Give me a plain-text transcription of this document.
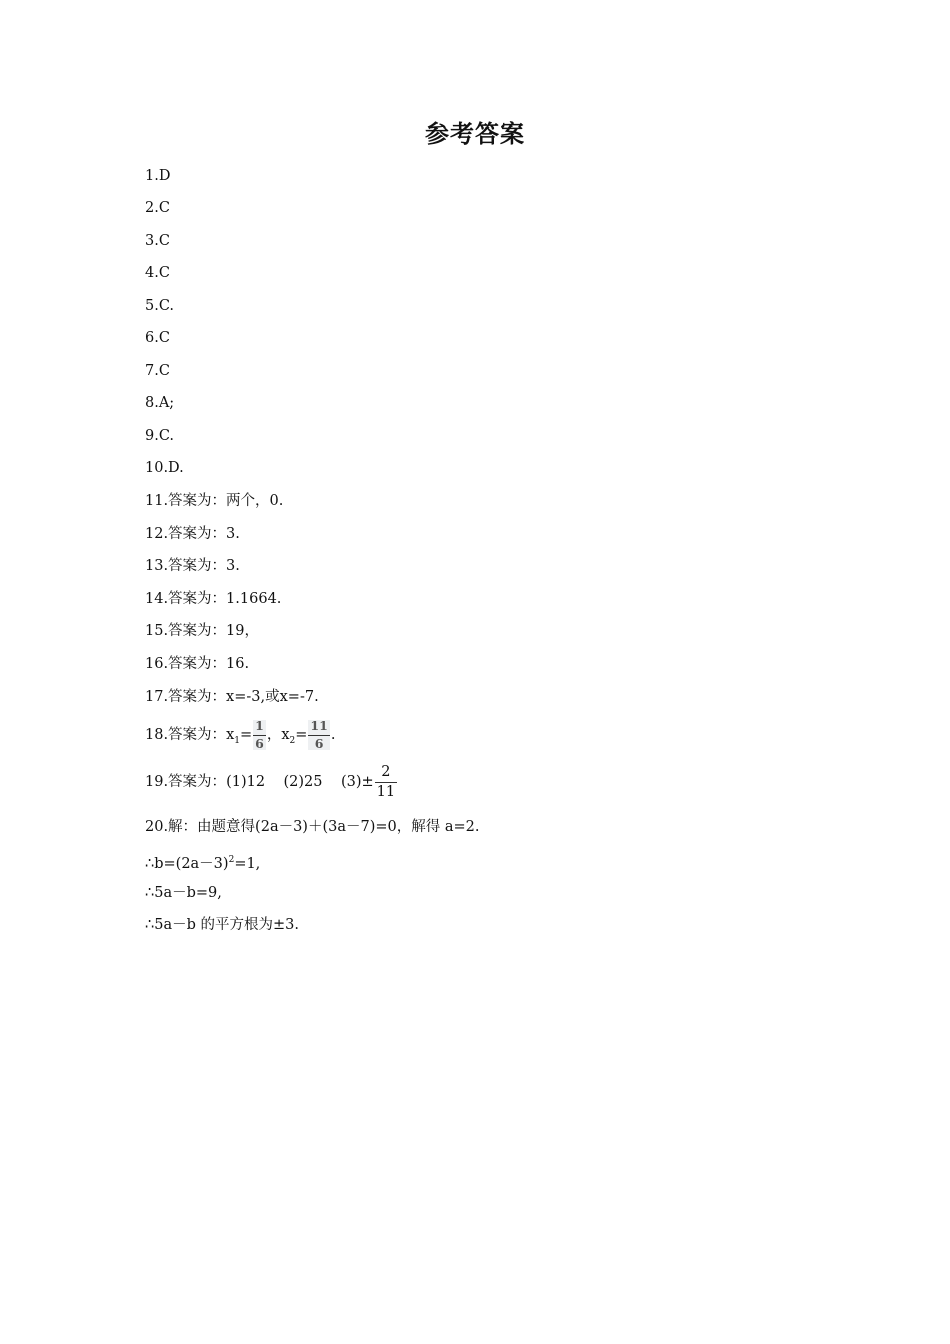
参考答案
1.D
2.C
3.C
4.C
5.C.
6.C
7.C
8.A;
9.C.
10.D.
11.答案为：两个，0.
12.答案为：3.
13.答案为：3.
14.答案为：1.1664.
15.答案为：19，
16.答案为：16.
17.答案为：x=-3,或x=-7.
18.答案为：$x_1= \frac{1}{6}$ ，$x_2= \frac{11}{6}$ .
19.答案为：(1)12 (2)25 $(3)\pm \frac{2}{11}$
20.解：由题意得(2a－3)＋(3a－7)=0，解得 a=2.
$\therefore b=(2a-3)^2=1$,
∴5a－b=9,
∴5a－b 的平方根为±3.
